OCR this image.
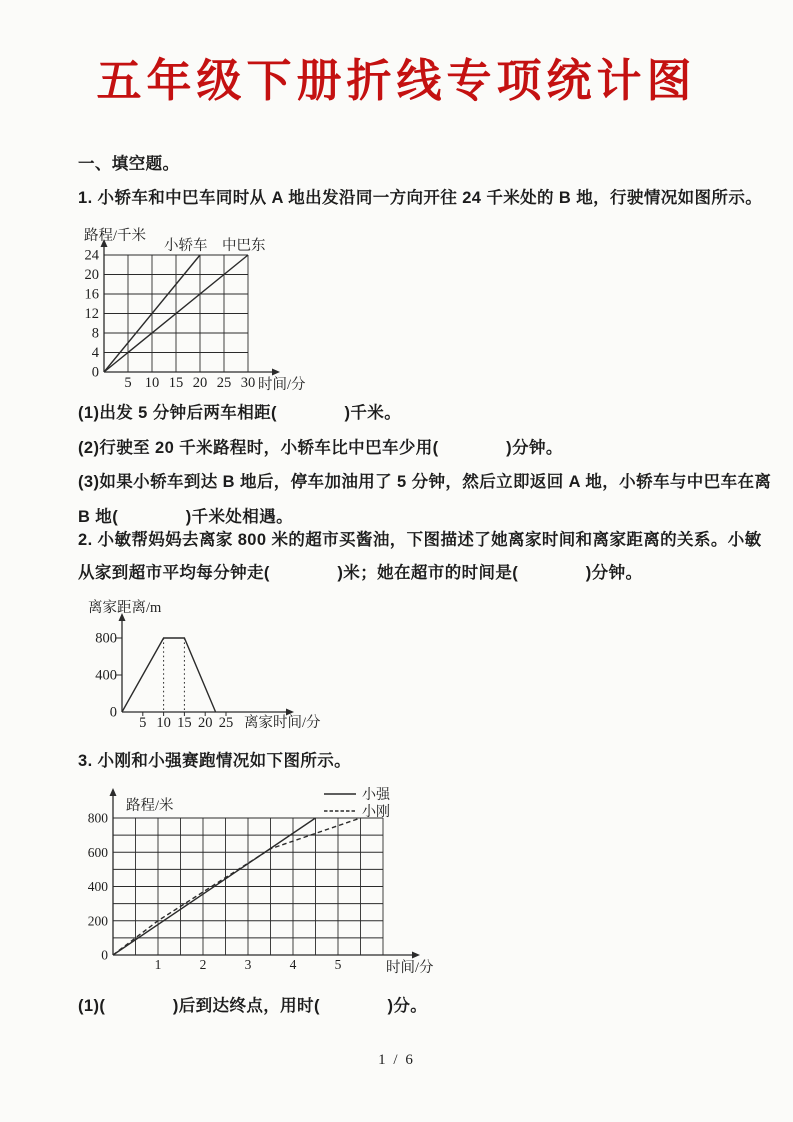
五年级下册折线专项统计图
一、填空题。
1. 小轿车和中巴车同时从 A 地出发沿同一方向开往 24 千米处的 B 地，行驶情况如图所示。
5 10 15 20 25 30
0
4
8
12
16
20
24
时间/分
路程/千米
小轿车　中巴东
(1)出发 5 分钟后两车相距(　　　　)千米。
(2)行驶至 20 千米路程时，小轿车比中巴车少用(　　　　)分钟。
(3)如果小轿车到达 B 地后，停车加油用了 5 分钟，然后立即返回 A 地，小轿车与中巴车在离
B 地(　　　　)千米处相遇。
2. 小敏帮妈妈去离家 800 米的超市买酱油，下图描述了她离家时间和离家距离的关系。小敏
从家到超市平均每分钟走(　　　　)米；她在超市的时间是(　　　　)分钟。
5 10 15 20 25
0
400
800
离家时间/分
离家距离/m
3. 小刚和小强赛跑情况如下图所示。
1	2	3	4	5
0
200
400
600
800
时间/分
路程/米
小强
小刚
(1)(　　　　)后到达终点，用时(　　　　)分。
1 / 6
